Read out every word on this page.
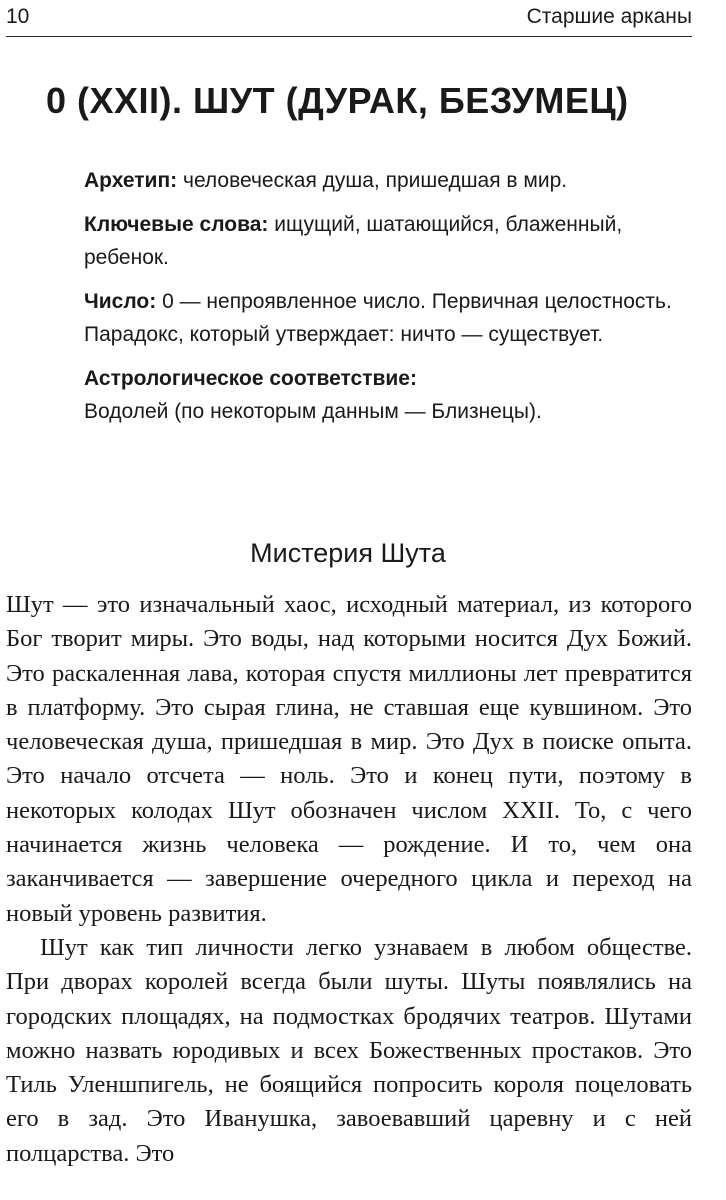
10	Старшие арканы
0 (XXII). ШУТ (ДУРАК, БЕЗУМЕЦ)

Архетип: человеческая душа, пришедшая в мир.

Ключевые слова: ищущий, шатающийся, блаженный, ребенок.

Число: 0 — непроявленное число. Первичная целостность. Парадокс, который утверждает: ничто — существует.

Астрологическое соответствие:
Водолей (по некоторым данным — Близнецы).

Мистерия Шута

Шут — это изначальный хаос, исходный материал, из которого Бог творит миры. Это воды, над которыми носится Дух Божий. Это раскаленная лава, которая спустя миллионы лет превратится в платформу. Это сырая глина, не ставшая еще кувшином. Это человеческая душа, пришедшая в мир. Это Дух в поиске опыта. Это начало отсчета — ноль. Это и конец пути, поэтому в некоторых колодах Шут обозначен числом XXII. То, с чего начинается жизнь человека — рождение. И то, чем она заканчивается — завершение очередного цикла и переход на новый уровень развития.

Шут как тип личности легко узнаваем в любом обществе. При дворах королей всегда были шуты. Шуты появлялись на городских площадях, на подмостках бродячих театров. Шутами можно назвать юродивых и всех Божественных простаков. Это Тиль Уленшпигель, не боящийся попросить короля поцеловать его в зад. Это Иванушка, завоевавший царевну и с ней полцарства. Это
